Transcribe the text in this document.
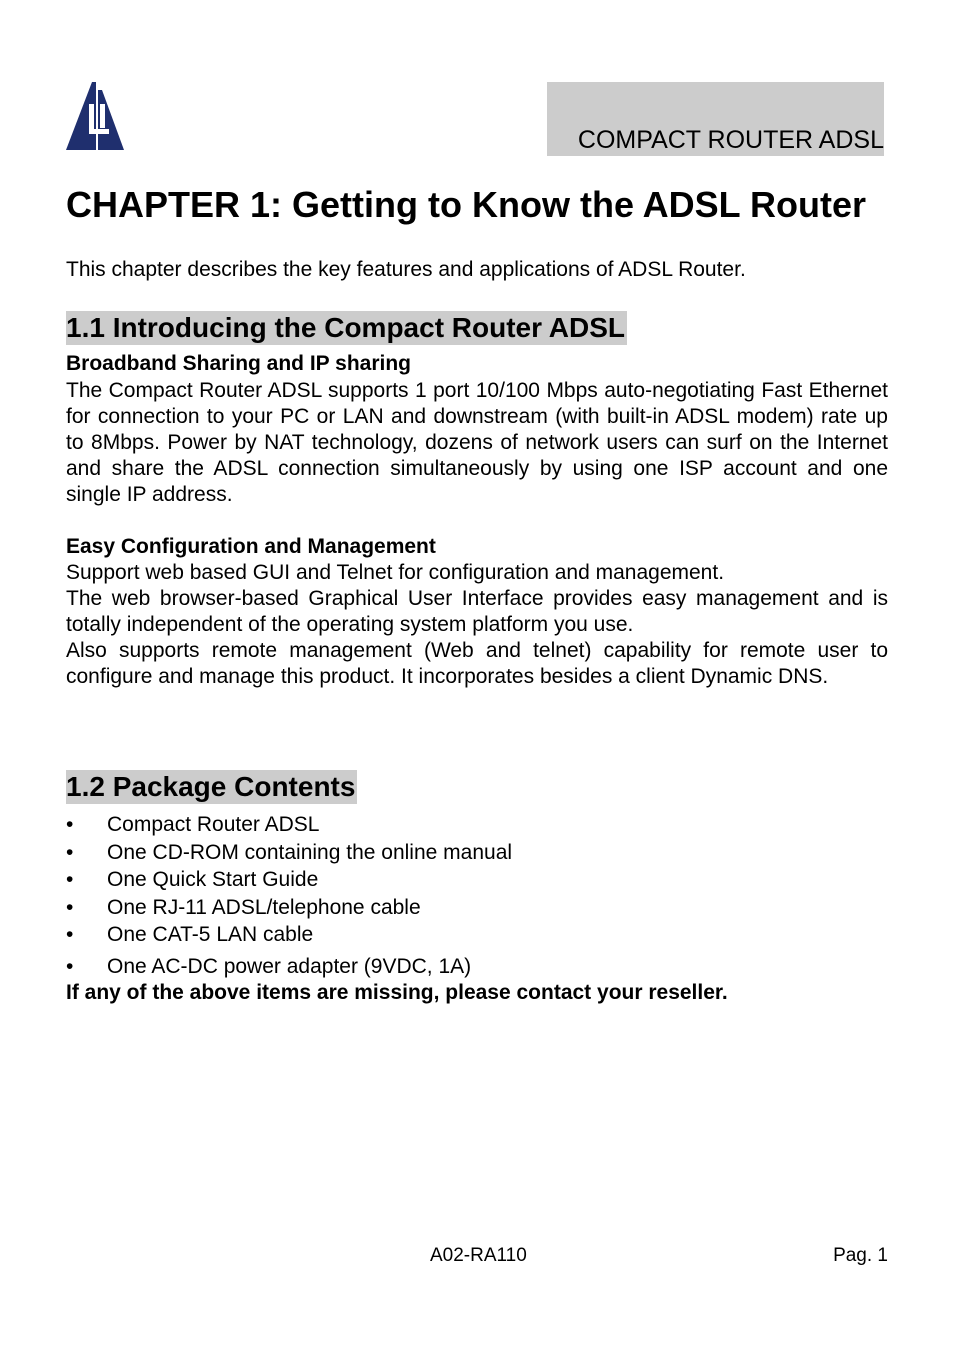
COMPACT ROUTER ADSL
CHAPTER 1: Getting to Know the ADSL Router

This chapter describes the key features and applications of ADSL Router.

1.1 Introducing the Compact Router ADSL
Broadband Sharing and IP sharing

The Compact Router ADSL supports 1 port 10/100 Mbps auto-negotiating Fast Ethernet for connection to your PC or LAN and downstream (with built-in ADSL modem) rate up to 8Mbps. Power by NAT technology, dozens of network users can surf on the Internet and share the ADSL connection simultaneously by using one ISP account and one single IP address.

Easy Configuration and Management

Support web based GUI and Telnet for configuration and management.

The web browser-based Graphical User Interface provides easy management and is totally independent of the operating system platform you use.

Also supports remote management (Web and telnet) capability for remote user to configure and manage this product. It incorporates besides a client Dynamic DNS.

1.2 Package Contents
• Compact Router ADSL
• One CD-ROM containing the online manual
• One Quick Start Guide
• One RJ-11 ADSL/telephone cable
• One CAT-5 LAN cable
• One AC-DC power adapter (9VDC, 1A)

If any of the above items are missing, please contact your reseller.

A02-RA110	Pag. 1
